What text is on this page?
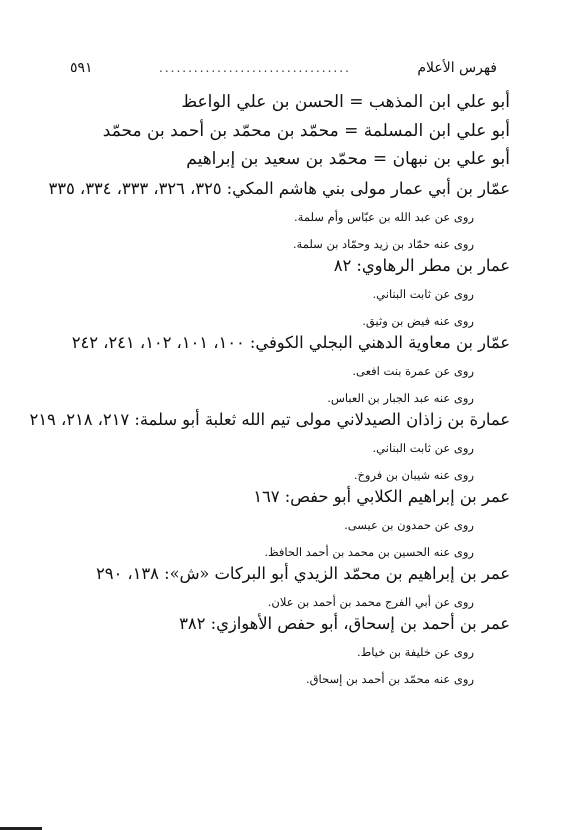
فهرس الأعلام
.................................
٥٩١
أبو علي ابن المذهب = الحسن بن علي الواعظ
أبو علي ابن المسلمة = محمّد بن محمّد بن أحمد بن محمّد
أبو علي بن نبهان = محمّد بن سعيد بن إبراهيم
عمّار بن أبي عمار مولى بني هاشم المكي: ٣٢٥، ٣٢٦، ٣٣٣، ٣٣٤، ٣٣٥
روى عن عبد الله بن عبّاس وأم سلمة.
روى عنه حمّاد بن زيد وحمّاد بن سلمة.
عمار بن مطر الرهاوي: ٨٢
روى عن ثابت البناني.
روى عنه فيض بن وثيق.
عمّار بن معاوية الدهني البجلي الكوفي: ١٠٠، ١٠١، ١٠٢، ٢٤١، ٢٤٢
روى عن عمرة بنت افعى.
روى عنه عبد الجبار بن العباس.
عمارة بن زاذان الصيدلاني مولى تيم الله ثعلبة أبو سلمة: ٢١٧، ٢١٨، ٢١٩
روى عن ثابت البناني.
روى عنه شيبان بن فروخ.
عمر بن إبراهيم الكلابي أبو حفص: ١٦٧
روى عن حمدون بن عيسى.
روى عنه الحسين بن محمد بن أحمد الحافظ.
عمر بن إبراهيم بن محمّد الزيدي أبو البركات «ش»: ١٣٨، ٢٩٠
روى عن أبي الفرج محمد بن أحمد بن علان.
عمر بن أحمد بن إسحاق، أبو حفص الأهوازي: ٣٨٢
روى عن خليفة بن خياط.
روى عنه محمّد بن أحمد بن إسحاق.
